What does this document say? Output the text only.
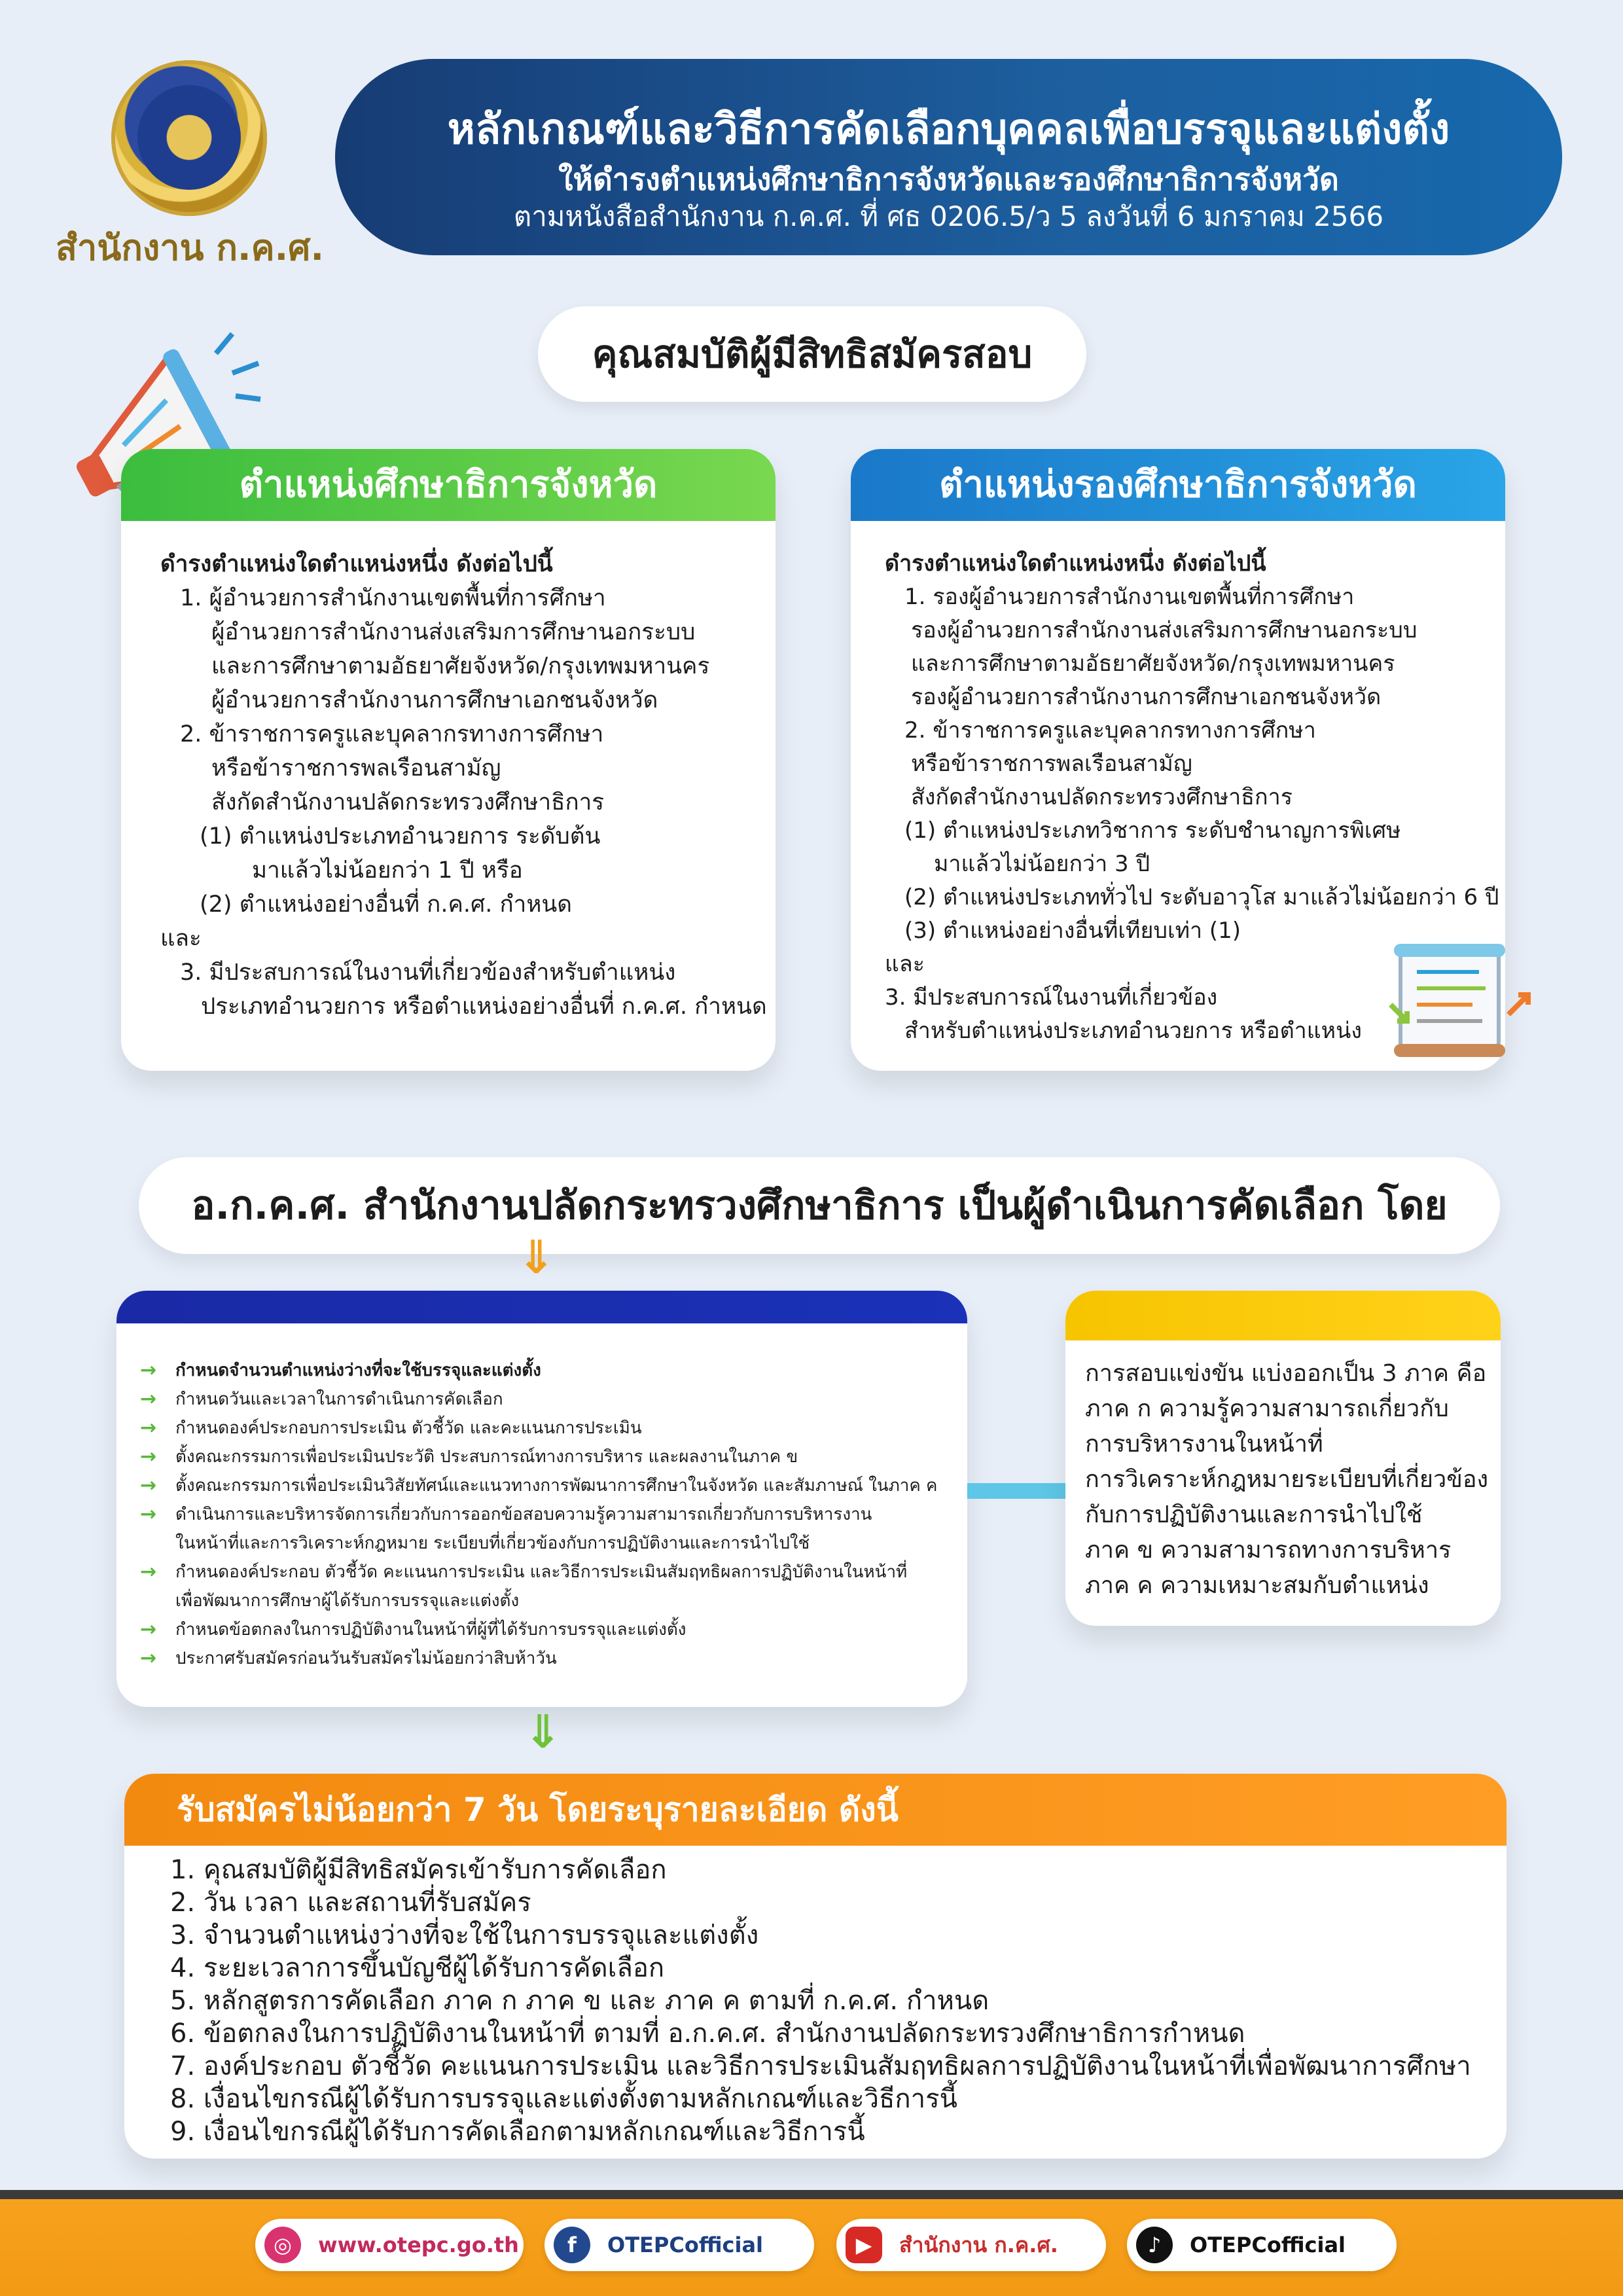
สำนักงาน ก.ค.ศ.
หลักเกณฑ์และวิธีการคัดเลือกบุคคลเพื่อบรรจุและแต่งตั้ง
ให้ดำรงตำแหน่งศึกษาธิการจังหวัดและรองศึกษาธิการจังหวัด
ตามหนังสือสำนักงาน ก.ค.ศ. ที่ ศธ 0206.5/ว 5 ลงวันที่ 6 มกราคม 2566
คุณสมบัติผู้มีสิทธิสมัครสอบ
ตำแหน่งศึกษาธิการจังหวัด
ดำรงตำแหน่งใดตำแหน่งหนึ่ง ดังต่อไปนี้
1. ผู้อำนวยการสำนักงานเขตพื้นที่การศึกษา
ผู้อำนวยการสำนักงานส่งเสริมการศึกษานอกระบบ
และการศึกษาตามอัธยาศัยจังหวัด/กรุงเทพมหานคร
ผู้อำนวยการสำนักงานการศึกษาเอกชนจังหวัด
2. ข้าราชการครูและบุคลากรทางการศึกษา
หรือข้าราชการพลเรือนสามัญ
สังกัดสำนักงานปลัดกระทรวงศึกษาธิการ
(1) ตำแหน่งประเภทอำนวยการ ระดับต้น
มาแล้วไม่น้อยกว่า 1 ปี หรือ
(2) ตำแหน่งอย่างอื่นที่ ก.ค.ศ. กำหนด
และ
3. มีประสบการณ์ในงานที่เกี่ยวข้องสำหรับตำแหน่ง
ประเภทอำนวยการ หรือตำแหน่งอย่างอื่นที่ ก.ค.ศ. กำหนด
ตำแหน่งรองศึกษาธิการจังหวัด
ดำรงตำแหน่งใดตำแหน่งหนึ่ง ดังต่อไปนี้
1. รองผู้อำนวยการสำนักงานเขตพื้นที่การศึกษา
รองผู้อำนวยการสำนักงานส่งเสริมการศึกษานอกระบบ
และการศึกษาตามอัธยาศัยจังหวัด/กรุงเทพมหานคร
รองผู้อำนวยการสำนักงานการศึกษาเอกชนจังหวัด
2. ข้าราชการครูและบุคลากรทางการศึกษา
หรือข้าราชการพลเรือนสามัญ
สังกัดสำนักงานปลัดกระทรวงศึกษาธิการ
(1) ตำแหน่งประเภทวิชาการ ระดับชำนาญการพิเศษ
มาแล้วไม่น้อยกว่า 3 ปี
(2) ตำแหน่งประเภททั่วไป ระดับอาวุโส มาแล้วไม่น้อยกว่า 6 ปี
(3) ตำแหน่งอย่างอื่นที่เทียบเท่า (1)
และ
3. มีประสบการณ์ในงานที่เกี่ยวข้อง
สำหรับตำแหน่งประเภทอำนวยการ หรือตำแหน่ง
อ.ก.ค.ศ. สำนักงานปลัดกระทรวงศึกษาธิการ เป็นผู้ดำเนินการคัดเลือก โดย
⇓
→ กำหนดจำนวนตำแหน่งว่างที่จะใช้บรรจุและแต่งตั้ง
→ กำหนดวันและเวลาในการดำเนินการคัดเลือก
→ กำหนดองค์ประกอบการประเมิน ตัวชี้วัด และคะแนนการประเมิน
→ ตั้งคณะกรรมการเพื่อประเมินประวัติ ประสบการณ์ทางการบริหาร และผลงานในภาค ข
→ ตั้งคณะกรรมการเพื่อประเมินวิสัยทัศน์และแนวทางการพัฒนาการศึกษาในจังหวัด และสัมภาษณ์ ในภาค ค
→ ดำเนินการและบริหารจัดการเกี่ยวกับการออกข้อสอบความรู้ความสามารถเกี่ยวกับการบริหารงาน
ในหน้าที่และการวิเคราะห์กฎหมาย ระเบียบที่เกี่ยวข้องกับการปฏิบัติงานและการนำไปใช้
→ กำหนดองค์ประกอบ ตัวชี้วัด คะแนนการประเมิน และวิธีการประเมินสัมฤทธิผลการปฏิบัติงานในหน้าที่
เพื่อพัฒนาการศึกษาผู้ได้รับการบรรจุและแต่งตั้ง
→ กำหนดข้อตกลงในการปฏิบัติงานในหน้าที่ผู้ที่ได้รับการบรรจุและแต่งตั้ง
→ ประกาศรับสมัครก่อนวันรับสมัครไม่น้อยกว่าสิบห้าวัน
การสอบแข่งขัน แบ่งออกเป็น 3 ภาค คือ
ภาค ก ความรู้ความสามารถเกี่ยวกับ
การบริหารงานในหน้าที่
การวิเคราะห์กฎหมายระเบียบที่เกี่ยวข้อง
กับการปฏิบัติงานและการนำไปใช้
ภาค ข ความสามารถทางการบริหาร
ภาค ค ความเหมาะสมกับตำแหน่ง
⇓
รับสมัครไม่น้อยกว่า 7 วัน โดยระบุรายละเอียด ดังนี้
1. คุณสมบัติผู้มีสิทธิสมัครเข้ารับการคัดเลือก
2. วัน เวลา และสถานที่รับสมัคร
3. จำนวนตำแหน่งว่างที่จะใช้ในการบรรจุและแต่งตั้ง
4. ระยะเวลาการขึ้นบัญชีผู้ได้รับการคัดเลือก
5. หลักสูตรการคัดเลือก ภาค ก ภาค ข และ ภาค ค ตามที่ ก.ค.ศ. กำหนด
6. ข้อตกลงในการปฏิบัติงานในหน้าที่ ตามที่ อ.ก.ค.ศ. สำนักงานปลัดกระทรวงศึกษาธิการกำหนด
7. องค์ประกอบ ตัวชี้วัด คะแนนการประเมิน และวิธีการประเมินสัมฤทธิผลการปฏิบัติงานในหน้าที่เพื่อพัฒนาการศึกษา
8. เงื่อนไขกรณีผู้ได้รับการบรรจุและแต่งตั้งตามหลักเกณฑ์และวิธีการนี้
9. เงื่อนไขกรณีผู้ได้รับการคัดเลือกตามหลักเกณฑ์และวิธีการนี้
◎	www.otepc.go.th	f	OTEPCofficial	▶	สำนักงาน ก.ค.ศ.	♪	OTEPCofficial
